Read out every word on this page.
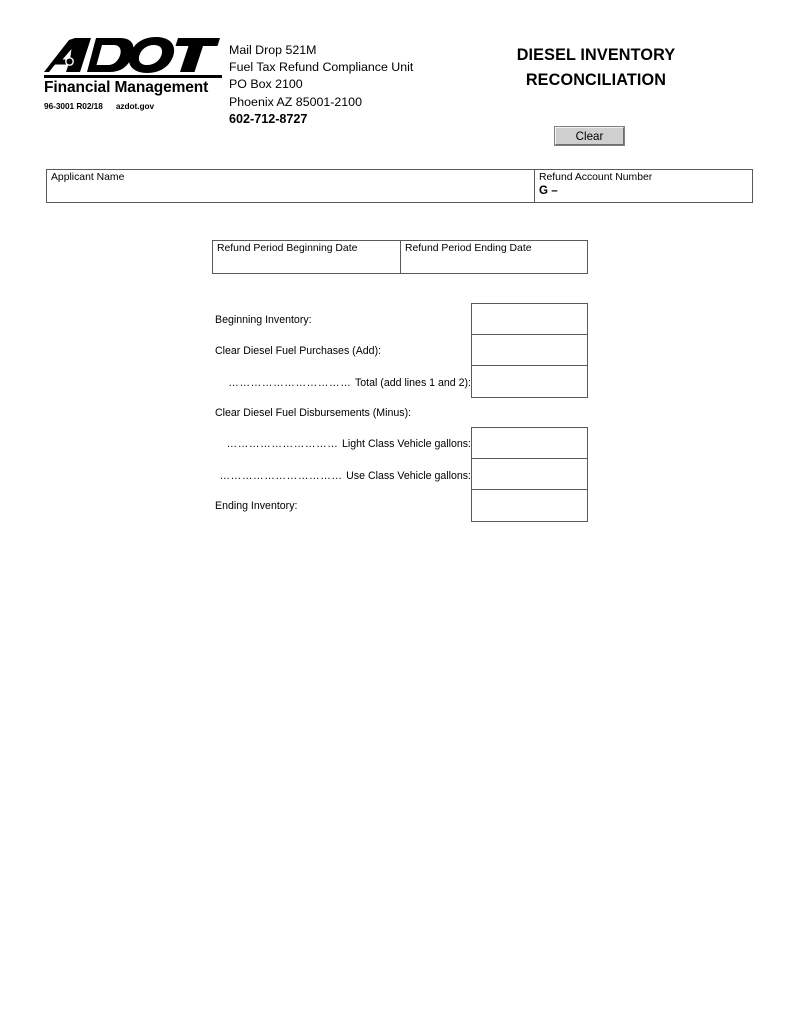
Financial Management
96-3001 R02/18 azdot.gov
Mail Drop 521M
Fuel Tax Refund Compliance Unit
PO Box 2100
Phoenix AZ 85001-2100
602-712-8727
DIESEL INVENTORY
RECONCILIATION
Clear
Applicant Name	Refund Account Number
G –
Refund Period Beginning Date	Refund Period Ending Date
Beginning Inventory:
Clear Diesel Fuel Purchases (Add):
…………………………… Total (add lines 1 and 2):
Clear Diesel Fuel Disbursements (Minus):
………………………… Light Class Vehicle gallons:
…………………………… Use Class Vehicle gallons:
Ending Inventory:
